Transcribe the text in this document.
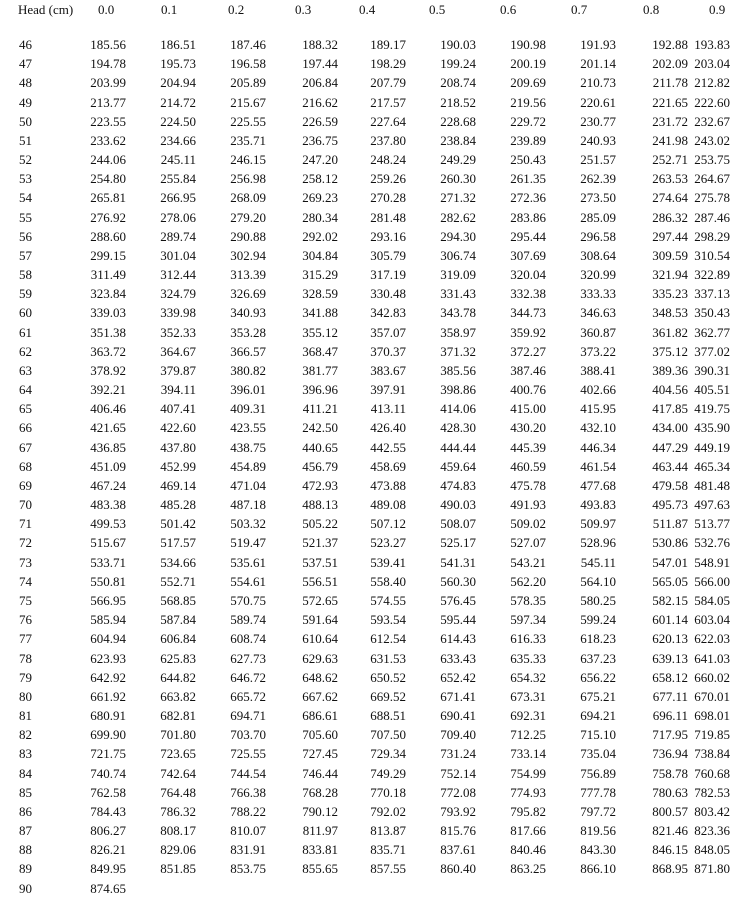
Head (cm) 0.0	0.1	0.2	0.3	0.4	0.5	0.6	0.7	0.8	0.9
46	185.56	186.51	187.46	188.32 189.17	190.03	190.98	191.93	192.88 193.83
47	194.78	195.73	196.58	197.44 198.29	199.24	200.19	201.14	202.09 203.04
48	203.99	204.94	205.89	206.84 207.79	208.74	209.69	210.73	211.78 212.82
49	213.77	214.72	215.67	216.62 217.57	218.52	219.56	220.61	221.65 222.60
50	223.55	224.50	225.55	226.59 227.64	228.68	229.72	230.77	231.72 232.67
51	233.62	234.66	235.71	236.75 237.80	238.84	239.89	240.93	241.98 243.02
52	244.06	245.11	246.15	247.20 248.24	249.29	250.43	251.57	252.71 253.75
53	254.80	255.84	256.98	258.12 259.26	260.30	261.35	262.39	263.53 264.67
54	265.81	266.95	268.09	269.23 270.28	271.32	272.36	273.50	274.64 275.78
55	276.92	278.06	279.20	280.34 281.48	282.62	283.86	285.09	286.32 287.46
56	288.60	289.74	290.88	292.02 293.16	294.30	295.44	296.58	297.44 298.29
57	299.15	301.04	302.94	304.84 305.79	306.74	307.69	308.64	309.59 310.54
58	311.49	312.44	313.39	315.29 317.19	319.09	320.04	320.99	321.94 322.89
59	323.84	324.79	326.69	328.59 330.48	331.43	332.38	333.33	335.23 337.13
60	339.03	339.98	340.93	341.88 342.83	343.78	344.73	346.63	348.53 350.43
61	351.38	352.33	353.28	355.12 357.07	358.97	359.92	360.87	361.82 362.77
62	363.72	364.67	366.57	368.47 370.37	371.32	372.27	373.22	375.12 377.02
63	378.92	379.87	380.82	381.77 383.67	385.56	387.46	388.41	389.36 390.31
64	392.21	394.11	396.01	396.96 397.91	398.86	400.76	402.66	404.56 405.51
65	406.46	407.41	409.31	411.21	413.11	414.06	415.00	415.95	417.85 419.75
66	421.65	422.60	423.55	242.50 426.40	428.30	430.20	432.10	434.00 435.90
67	436.85	437.80	438.75	440.65 442.55	444.44	445.39	446.34	447.29 449.19
68	451.09	452.99	454.89	456.79 458.69	459.64	460.59	461.54	463.44 465.34
69	467.24	469.14	471.04	472.93 473.88	474.83	475.78	477.68	479.58 481.48
70	483.38	485.28	487.18	488.13 489.08	490.03	491.93	493.83	495.73 497.63
71	499.53	501.42	503.32	505.22 507.12	508.07	509.02	509.97	511.87 513.77
72	515.67	517.57	519.47	521.37 523.27	525.17	527.07	528.96	530.86 532.76
73	533.71	534.66	535.61	537.51 539.41	541.31	543.21	545.11	547.01 548.91
74	550.81	552.71	554.61	556.51 558.40	560.30	562.20	564.10	565.05 566.00
75	566.95	568.85	570.75	572.65 574.55	576.45	578.35	580.25	582.15 584.05
76	585.94	587.84	589.74	591.64 593.54	595.44	597.34	599.24	601.14 603.04
77	604.94	606.84	608.74	610.64 612.54	614.43	616.33	618.23	620.13 622.03
78	623.93	625.83	627.73	629.63 631.53	633.43	635.33	637.23	639.13 641.03
79	642.92	644.82	646.72	648.62 650.52	652.42	654.32	656.22	658.12 660.02
80	661.92	663.82	665.72	667.62 669.52	671.41	673.31	675.21	677.11 670.01
81	680.91	682.81	694.71	686.61 688.51	690.41	692.31	694.21	696.11 698.01
82	699.90	701.80	703.70	705.60 707.50	709.40	712.25	715.10	717.95 719.85
83	721.75	723.65	725.55	727.45 729.34	731.24	733.14	735.04	736.94 738.84
84	740.74	742.64	744.54	746.44 749.29	752.14	754.99	756.89	758.78 760.68
85	762.58	764.48	766.38	768.28 770.18	772.08	774.93	777.78	780.63 782.53
86	784.43	786.32	788.22	790.12 792.02	793.92	795.82	797.72	800.57 803.42
87	806.27	808.17	810.07	811.97 813.87	815.76	817.66	819.56	821.46 823.36
88	826.21	829.06	831.91	833.81 835.71	837.61	840.46	843.30	846.15 848.05
89	849.95	851.85	853.75	855.65 857.55	860.40	863.25	866.10	868.95 871.80
90	874.65
